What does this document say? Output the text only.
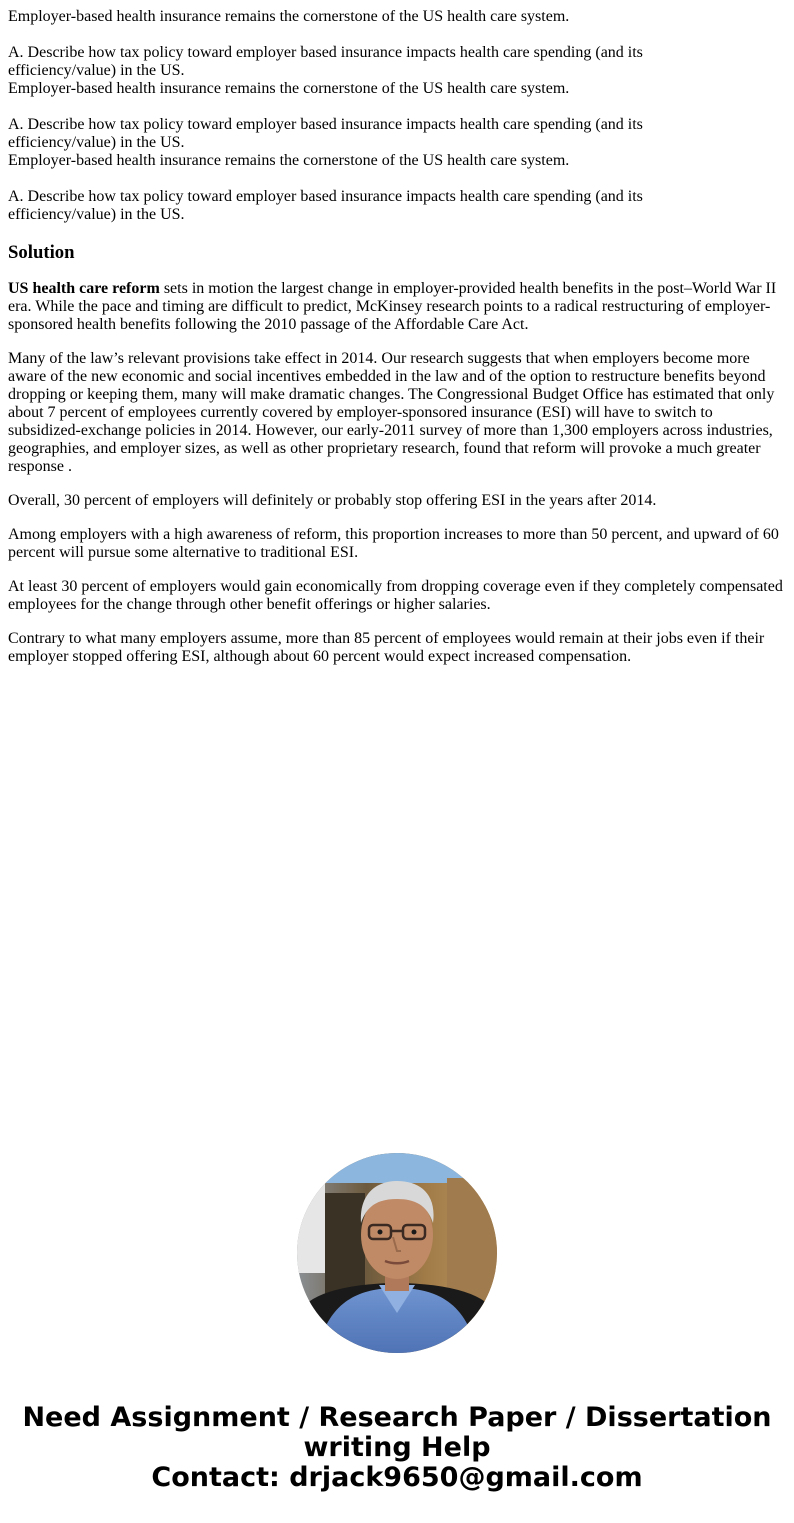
Employer-based health insurance remains the cornerstone of the US health care system.
A. Describe how tax policy toward employer based insurance impacts health care spending (and its efficiency/value) in the US.
Employer-based health insurance remains the cornerstone of the US health care system.
A. Describe how tax policy toward employer based insurance impacts health care spending (and its efficiency/value) in the US.
Employer-based health insurance remains the cornerstone of the US health care system.
A. Describe how tax policy toward employer based insurance impacts health care spending (and its efficiency/value) in the US.
Solution

US health care reform sets in motion the largest change in employer-provided health benefits in the post–World War II era. While the pace and timing are difficult to predict, McKinsey research points to a radical restructuring of employer-sponsored health benefits following the 2010 passage of the Affordable Care Act.

Many of the law’s relevant provisions take effect in 2014. Our research suggests that when employers become more aware of the new economic and social incentives embedded in the law and of the option to restructure benefits beyond dropping or keeping them, many will make dramatic changes. The Congressional Budget Office has estimated that only about 7 percent of employees currently covered by employer-sponsored insurance (ESI) will have to switch to subsidized-exchange policies in 2014. However, our early-2011 survey of more than 1,300 employers across industries, geographies, and employer sizes, as well as other proprietary research, found that reform will provoke a much greater response .

Overall, 30 percent of employers will definitely or probably stop offering ESI in the years after 2014.

Among employers with a high awareness of reform, this proportion increases to more than 50 percent, and upward of 60 percent will pursue some alternative to traditional ESI.

At least 30 percent of employers would gain economically from dropping coverage even if they completely compensated employees for the change through other benefit offerings or higher salaries.

Contrary to what many employers assume, more than 85 percent of employees would remain at their jobs even if their employer stopped offering ESI, although about 60 percent would expect increased compensation.

Need Assignment / Research Paper / Dissertation
writing Help
Contact: drjack9650@gmail.com
